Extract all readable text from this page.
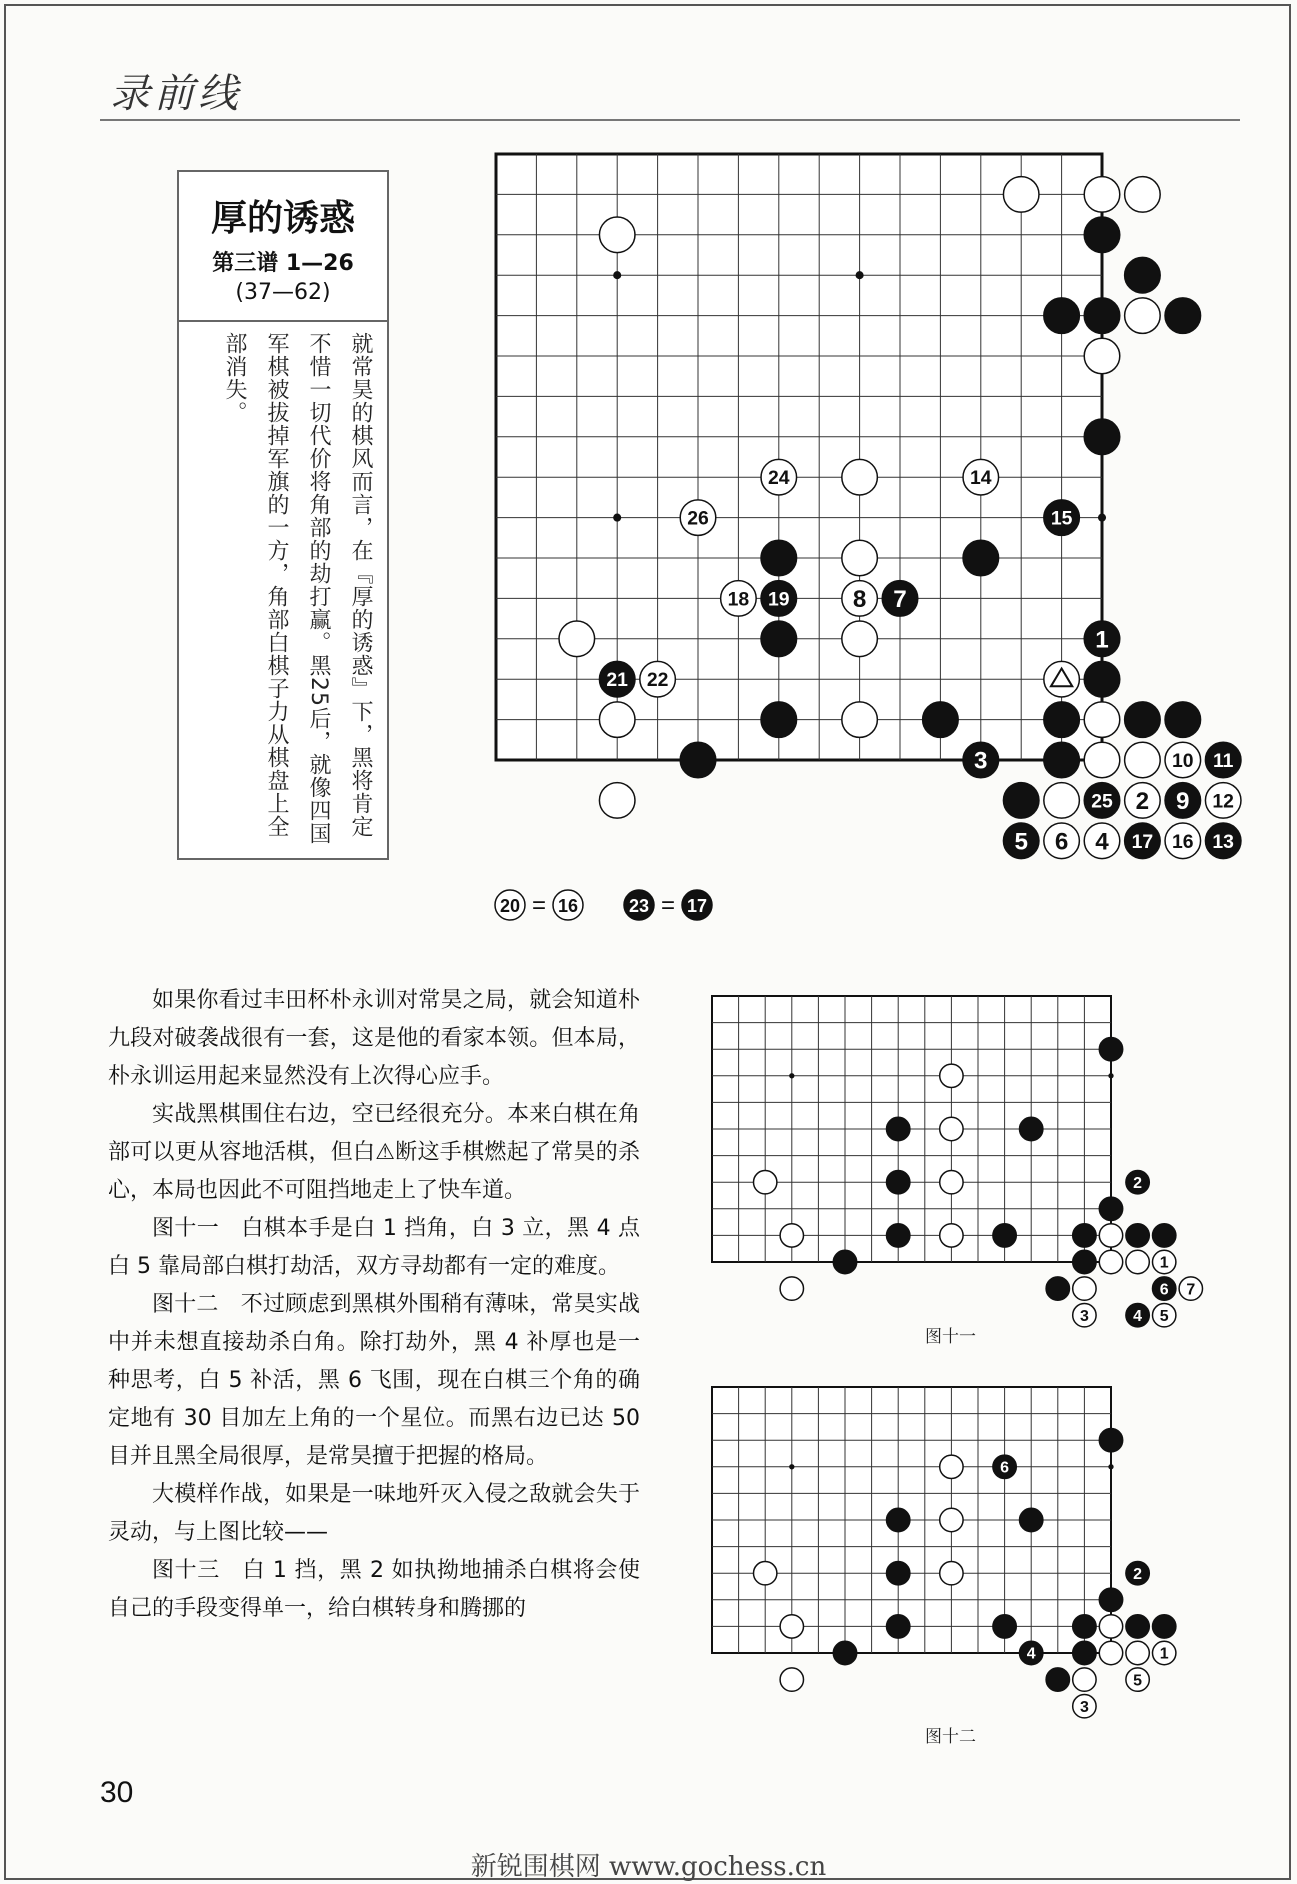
录前线
厚的诱惑
第三谱 1—26
(37—62)
就常昊的棋风而言，在『厚的诱惑』下，黑将肯定不惜一切代价将角部的劫打赢。黑25后，就像四国军棋被拔掉军旗的一方，角部白棋子力从棋盘上全部消失。
24	14
26	15
18 19	8 7
1
21 22
3	10 11
25 2 9 12
5 6 4 17 16 13
2
1
6 7
3	4 5
6
2
4	1
5
3
20 = 16	23 = 17

如果你看过丰田杯朴永训对常昊之局，就会知道朴九段对破袭战很有一套，这是他的看家本领。但本局，朴永训运用起来显然没有上次得心应手。

实战黑棋围住右边，空已经很充分。本来白棋在角部可以更从容地活棋，但白⚠断这手棋燃起了常昊的杀心，本局也因此不可阻挡地走上了快车道。

图十一　白棋本手是白 1 挡角，白 3 立，黑 4 点白 5 靠局部白棋打劫活，双方寻劫都有一定的难度。

图十二　不过顾虑到黑棋外围稍有薄味，常昊实战中并未想直接劫杀白角。除打劫外，黑 4 补厚也是一种思考，白 5 补活，黑 6 飞围，现在白棋三个角的确定地有 30 目加左上角的一个星位。而黑右边已达 50 目并且黑全局很厚，是常昊擅于把握的格局。

大模样作战，如果是一味地歼灭入侵之敌就会失于灵动，与上图比较——

图十三　白 1 挡，黑 2 如执拗地捕杀白棋将会使自己的手段变得单一，给白棋转身和腾挪的

图十一
图十二
30
新锐围棋网 www.gochess.cn
